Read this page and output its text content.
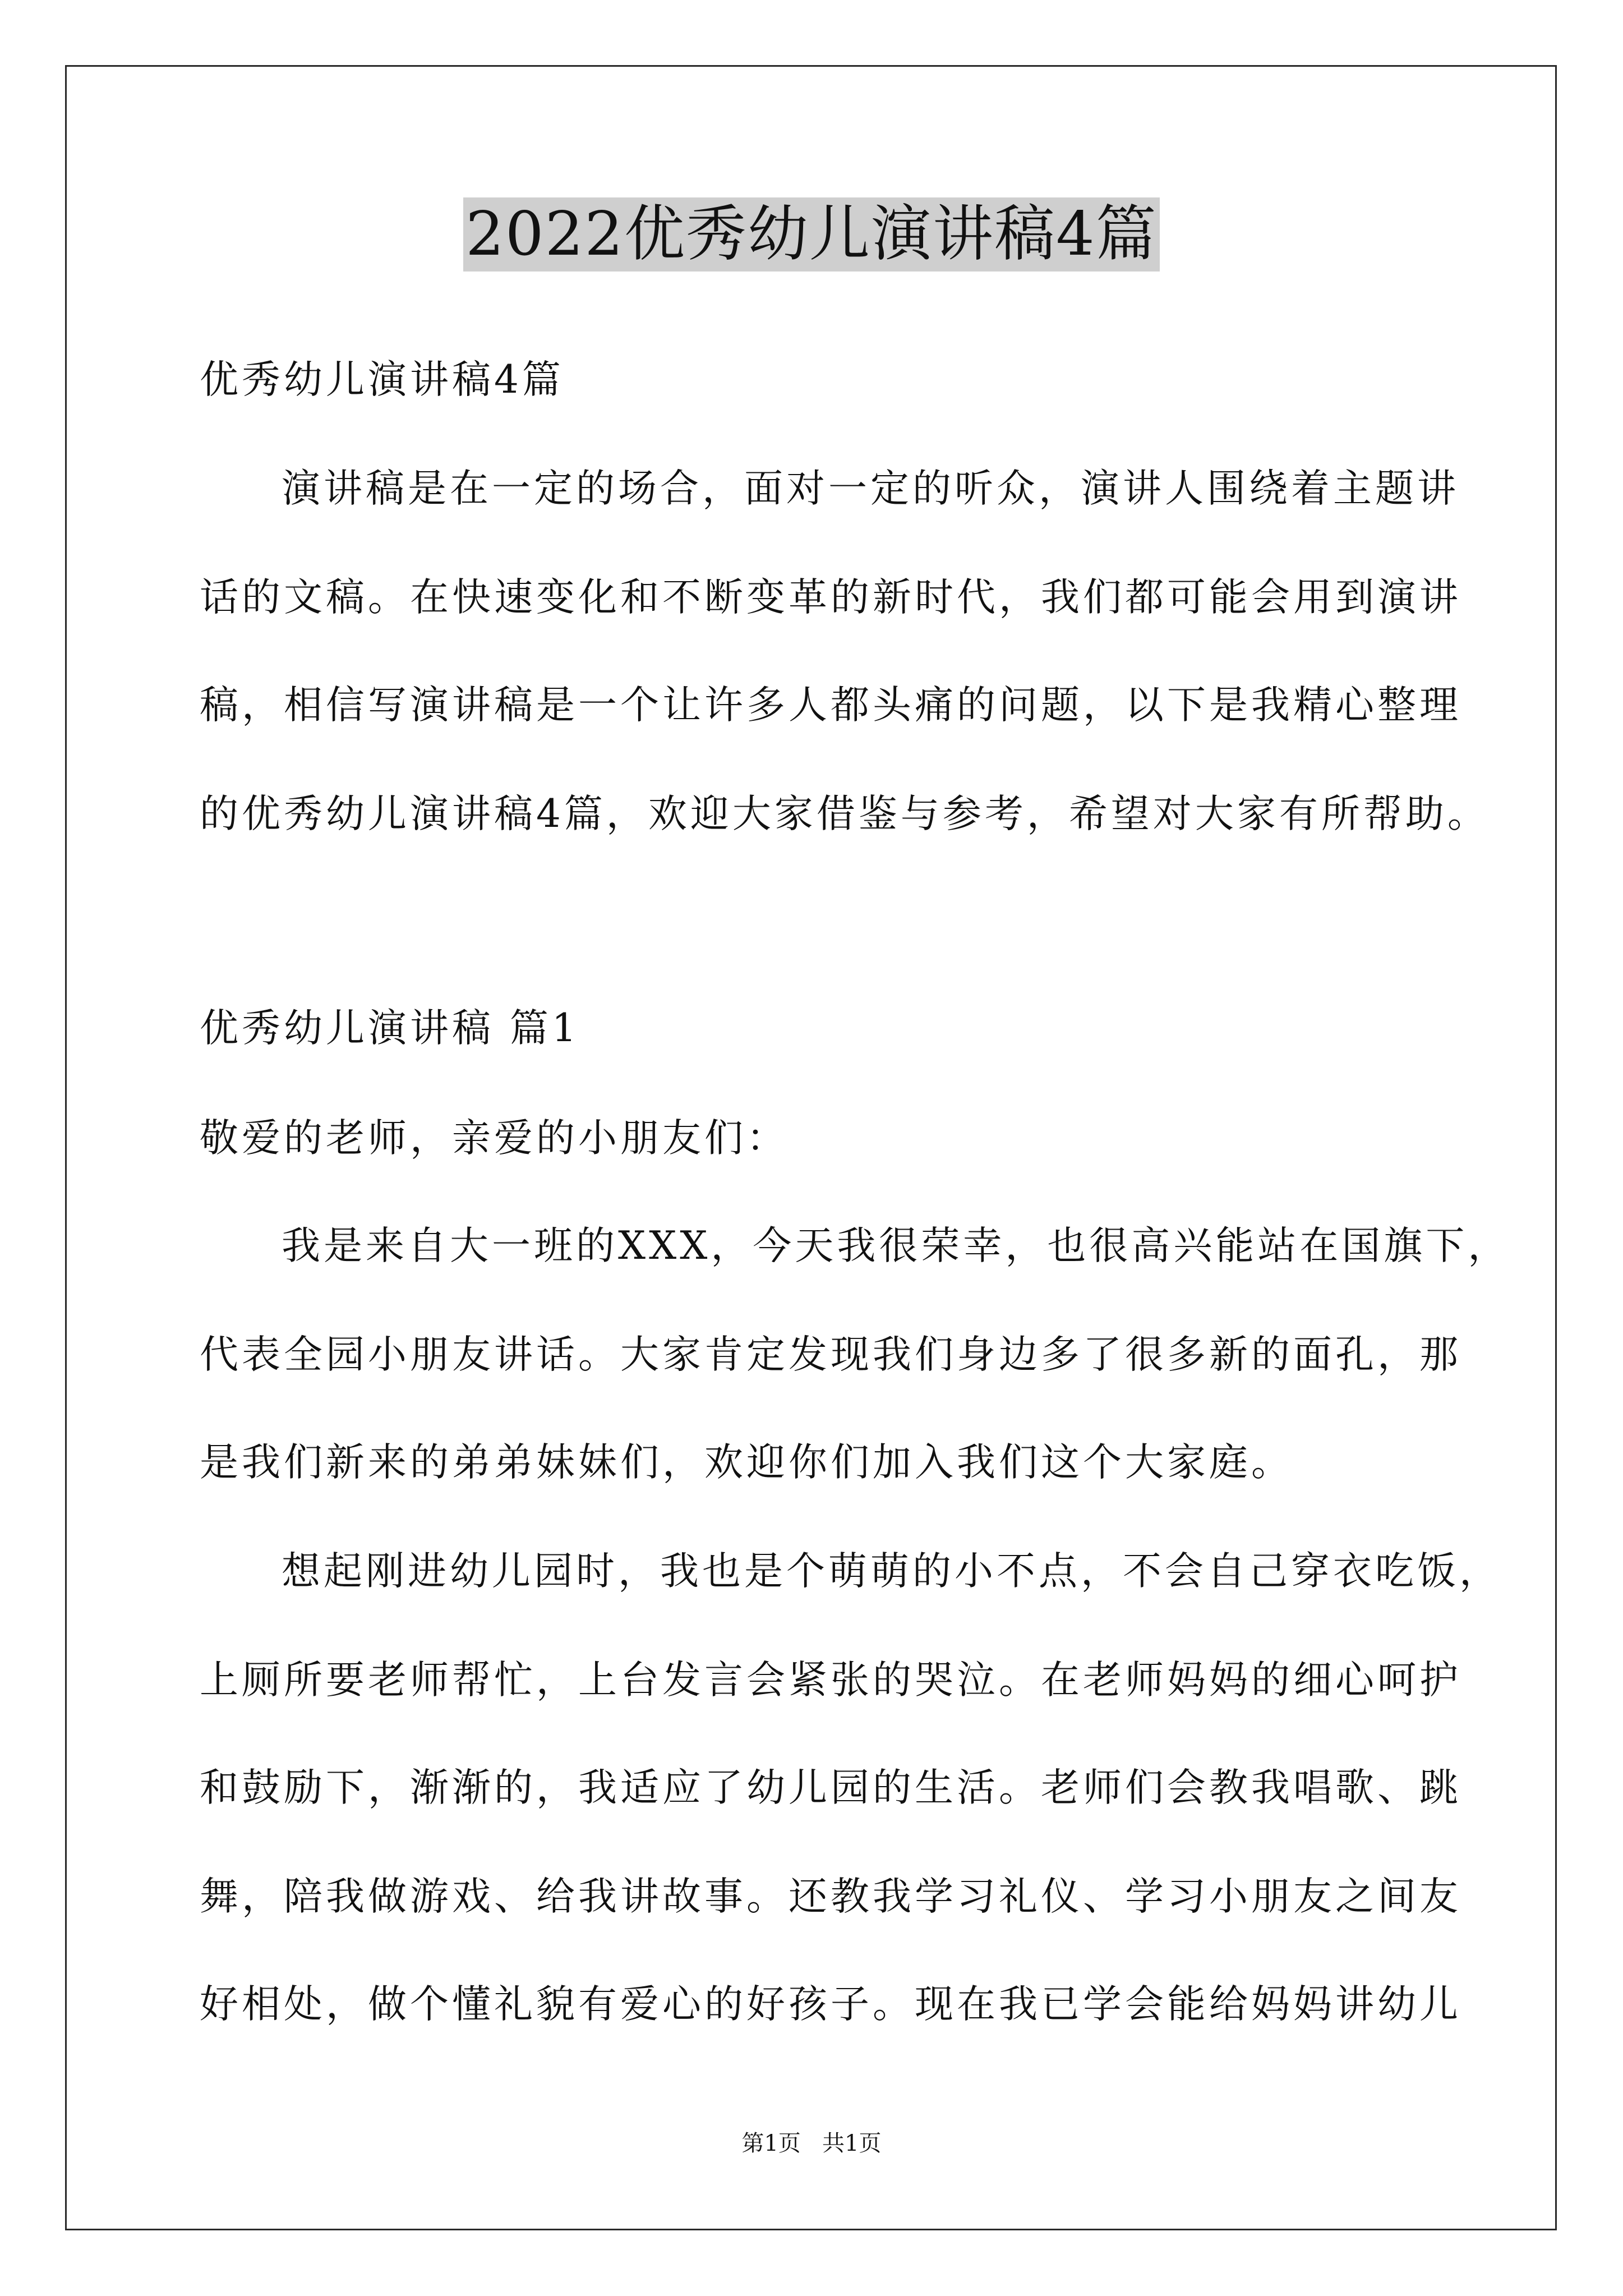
2022优秀幼儿演讲稿4篇
优秀幼儿演讲稿4篇
演讲稿是在一定的场合，面对一定的听众，演讲人围绕着主题讲
话的文稿。在快速变化和不断变革的新时代，我们都可能会用到演讲
稿，相信写演讲稿是一个让许多人都头痛的问题，以下是我精心整理
的优秀幼儿演讲稿4篇，欢迎大家借鉴与参考，希望对大家有所帮助。
优秀幼儿演讲稿 篇1
敬爱的老师，亲爱的小朋友们：
我是来自大一班的XXX，今天我很荣幸，也很高兴能站在国旗下，
代表全园小朋友讲话。大家肯定发现我们身边多了很多新的面孔，那
是我们新来的弟弟妹妹们，欢迎你们加入我们这个大家庭。
想起刚进幼儿园时，我也是个萌萌的小不点，不会自己穿衣吃饭，
上厕所要老师帮忙，上台发言会紧张的哭泣。在老师妈妈的细心呵护
和鼓励下，渐渐的，我适应了幼儿园的生活。老师们会教我唱歌、跳
舞，陪我做游戏、给我讲故事。还教我学习礼仪、学习小朋友之间友
好相处，做个懂礼貌有爱心的好孩子。现在我已学会能给妈妈讲幼儿
第1页   共1页
